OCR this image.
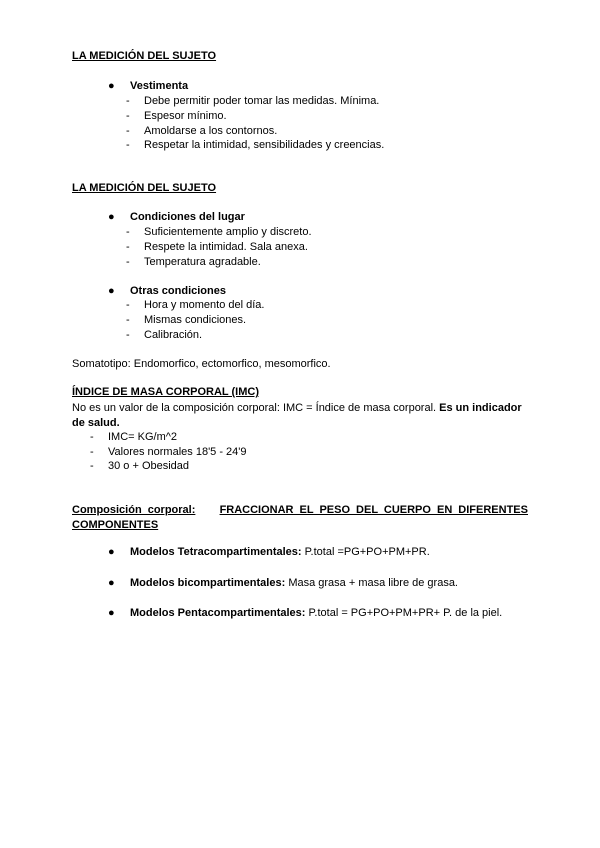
LA MEDICIÓN DEL SUJETO
● Vestimenta
- Debe permitir poder tomar las medidas. Mínima.
- Espesor mínimo.
- Amoldarse a los contornos.
- Respetar la intimidad, sensibilidades y creencias.
LA MEDICIÓN DEL SUJETO
● Condiciones del lugar
- Suficientemente amplio y discreto.
- Respete la intimidad. Sala anexa.
- Temperatura agradable.
● Otras condiciones
- Hora y momento del día.
- Mismas condiciones.
- Calibración.
Somatotipo: Endomorfico, ectomorfico, mesomorfico.
ÍNDICE DE MASA CORPORAL (IMC)
No es un valor de la composición corporal: IMC = Índice de masa corporal. Es un indicador de salud.
- IMC= KG/m^2
- Valores normales 18'5 - 24'9
- 30 o + Obesidad
Composición corporal: FRACCIONAR EL PESO DEL CUERPO EN DIFERENTES COMPONENTES
● Modelos Tetracompartimentales: P.total =PG+PO+PM+PR.
● Modelos bicompartimentales: Masa grasa + masa libre de grasa.
● Modelos Pentacompartimentales: P.total = PG+PO+PM+PR+ P. de la piel.
